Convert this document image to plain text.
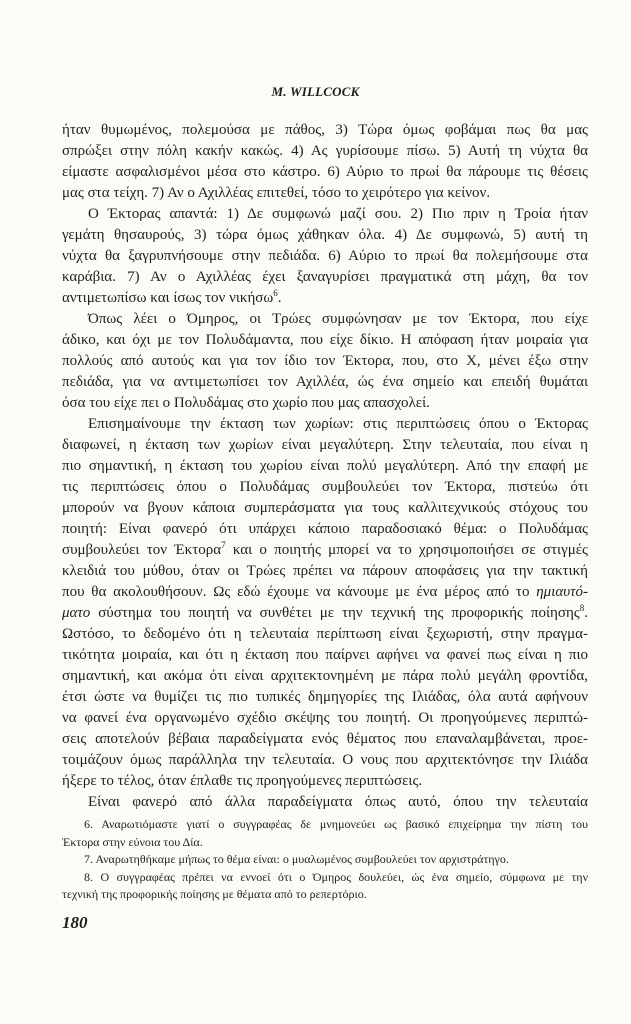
M. WILLCOCK
ήταν θυμωμένος, πολεμούσα με πάθος, 3) Τώρα όμως φοβάμαι πως θα μας
σπρώξει στην πόλη κακήν κακώς. 4) Ας γυρίσουμε πίσω. 5) Αυτή τη νύχτα θα
είμαστε ασφαλισμένοι μέσα στο κάστρο. 6) Αύριο το πρωί θα πάρουμε τις θέσεις
μας στα τείχη. 7) Αν ο Αχιλλέας επιτεθεί, τόσο το χειρότερο για κείνον.
Ο Έκτορας απαντά: 1) Δε συμφωνώ μαζί σου. 2) Πιο πριν η Τροία ήταν
γεμάτη θησαυρούς, 3) τώρα όμως χάθηκαν όλα. 4) Δε συμφωνώ, 5) αυτή τη
νύχτα θα ξαγρυπνήσουμε στην πεδιάδα. 6) Αύριο το πρωί θα πολεμήσουμε στα
καράβια. 7) Αν ο Αχιλλέας έχει ξαναγυρίσει πραγματικά στη μάχη, θα τον
αντιμετωπίσω και ίσως τον νικήσω$^6$.
Όπως λέει ο Όμηρος, οι Τρώες συμφώνησαν με τον Έκτορα, που είχε
άδικο, και όχι με τον Πολυδάμαντα, που είχε δίκιο. Η απόφαση ήταν μοιραία για
πολλούς από αυτούς και για τον ίδιο τον Έκτορα, που, στο Χ, μένει έξω στην
πεδιάδα, για να αντιμετωπίσει τον Αχιλλέα, ώς ένα σημείο και επειδή θυμάται
όσα του είχε πει ο Πολυδάμας στο χωρίο που μας απασχολεί.
Επισημαίνουμε την έκταση των χωρίων: στις περιπτώσεις όπου ο Έκτορας
διαφωνεί, η έκταση των χωρίων είναι μεγαλύτερη. Στην τελευταία, που είναι η
πιο σημαντική, η έκταση του χωρίου είναι πολύ μεγαλύτερη. Από την επαφή με
τις περιπτώσεις όπου ο Πολυδάμας συμβουλεύει τον Έκτορα, πιστεύω ότι
μπορούν να βγουν κάποια συμπεράσματα για τους καλλιτεχνικούς στόχους του
ποιητή: Είναι φανερό ότι υπάρχει κάποιο παραδοσιακό θέμα: ο Πολυδάμας
συμβουλεύει τον Έκτορα$^7$ και ο ποιητής μπορεί να το χρησιμοποιήσει σε στιγμές
κλειδιά του μύθου, όταν οι Τρώες πρέπει να πάρουν αποφάσεις για την τακτική
που θα ακολουθήσουν. Ως εδώ έχουμε να κάνουμε με ένα μέρος από το ημιαυτό-
ματο σύστημα του ποιητή να συνθέτει με την τεχνική της προφορικής ποίησης$^8$.
Ωστόσο, το δεδομένο ότι η τελευταία περίπτωση είναι ξεχωριστή, στην πραγμα-
τικότητα μοιραία, και ότι η έκταση που παίρνει αφήνει να φανεί πως είναι η πιο
σημαντική, και ακόμα ότι είναι αρχιτεκτονημένη με πάρα πολύ μεγάλη φροντίδα,
έτσι ώστε να θυμίζει τις πιο τυπικές δημηγορίες της Ιλιάδας, όλα αυτά αφήνουν
να φανεί ένα οργανωμένο σχέδιο σκέψης του ποιητή. Οι προηγούμενες περιπτώ-
σεις αποτελούν βέβαια παραδείγματα ενός θέματος που επαναλαμβάνεται, προε-
τοιμάζουν όμως παράλληλα την τελευταία. Ο νους που αρχιτεκτόνησε την Ιλιάδα
ήξερε το τέλος, όταν έπλαθε τις προηγούμενες περιπτώσεις.
Είναι φανερό από άλλα παραδείγματα όπως αυτό, όπου την τελευταία
6. Αναρωτιόμαστε γιατί ο συγγραφέας δε μνημονεύει ως βασικό επιχείρημα την πίστη του
Έκτορα στην εύνοια του Δία.
7. Αναρωτηθήκαμε μήπως το θέμα είναι: ο μυαλωμένος συμβουλεύει τον αρχιστράτηγο.
8. Ο συγγραφέας πρέπει να εννοεί ότι ο Όμηρος δουλεύει, ώς ένα σημείο, σύμφωνα με την
τεχνική της προφορικής ποίησης με θέματα από το ρεπερτόριο.
180
